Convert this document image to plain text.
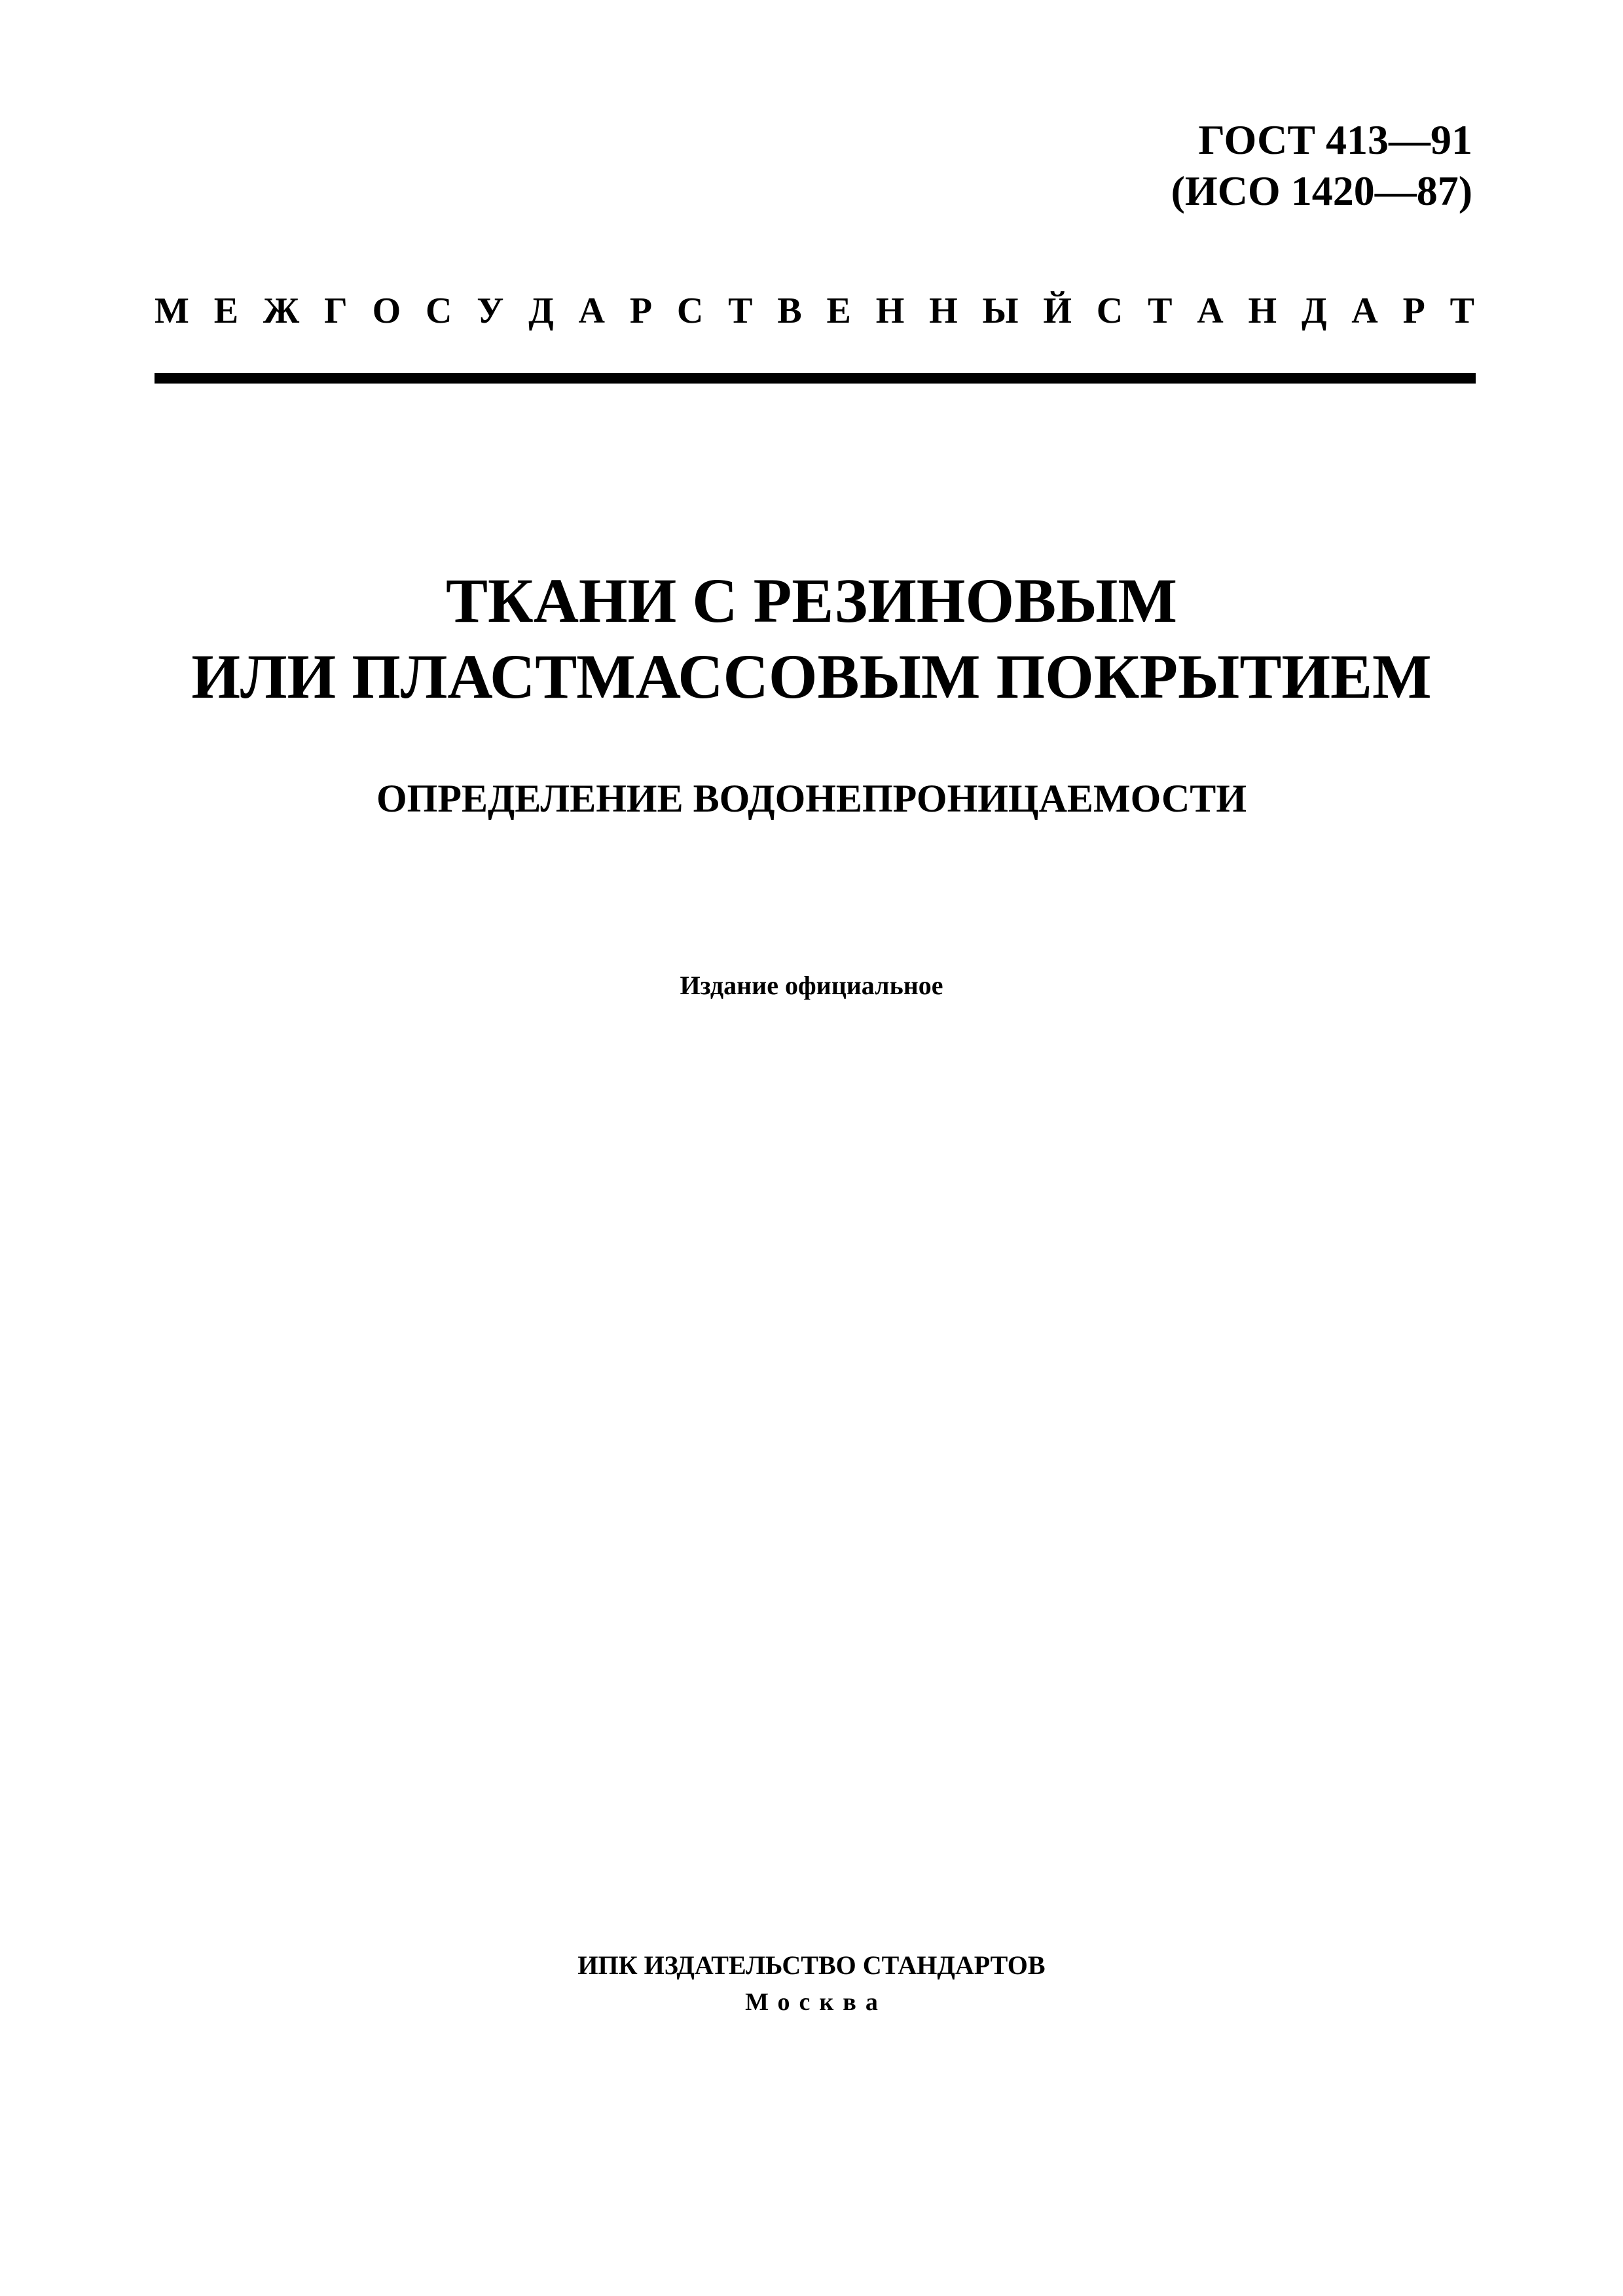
ГОСТ 413—91
(ИСО 1420—87)
М Е Ж Г О С У Д А Р С Т В Е Н Н Ы Й С Т А Н Д А Р Т
ТКАНИ С РЕЗИНОВЫМ
ИЛИ ПЛАСТМАССОВЫМ ПОКРЫТИЕМ
ОПРЕДЕЛЕНИЕ ВОДОНЕПРОНИЦАЕМОСТИ
Издание официальное
ИПК ИЗДАТЕЛЬСТВО СТАНДАРТОВ
Москва
